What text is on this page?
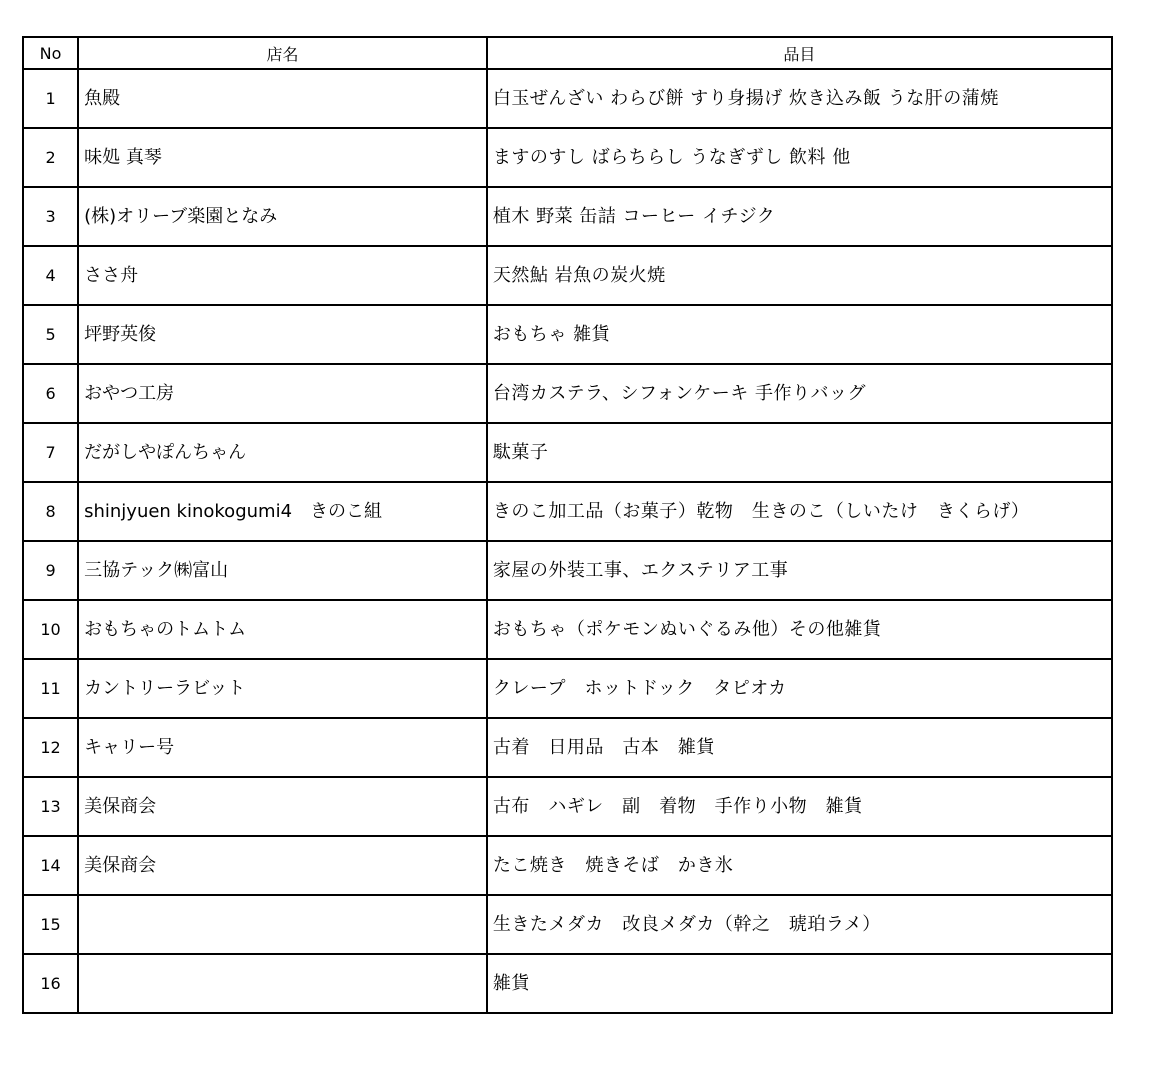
No	店名	品目
1	魚殿	白玉ぜんざい わらび餅 すり身揚げ 炊き込み飯 うな肝の蒲焼
2	味処 真琴	ますのすし ばらちらし うなぎずし 飲料 他
3	(株)オリーブ楽園となみ	植木 野菜 缶詰 コーヒー イチジク
4	ささ舟	天然鮎 岩魚の炭火焼
5	坪野英俊	おもちゃ 雑貨
6	おやつ工房	台湾カステラ、シフォンケーキ 手作りバッグ
7	だがしやぽんちゃん	駄菓子
8	shinjyuen kinokogumi4　きのこ組	きのこ加工品（お菓子）乾物　生きのこ（しいたけ　きくらげ）
9	三協テック㈱富山	家屋の外装工事、エクステリア工事
10	おもちゃのトムトム	おもちゃ（ポケモンぬいぐるみ他）その他雑貨
11	カントリーラビット	クレープ　ホットドック　タピオカ
12	キャリー号	古着　日用品　古本　雑貨
13	美保商会	古布　ハギレ　副　着物　手作り小物　雑貨
14	美保商会	たこ焼き　焼きそば　かき氷
15		生きたメダカ　改良メダカ（幹之　琥珀ラメ）
16		雑貨
